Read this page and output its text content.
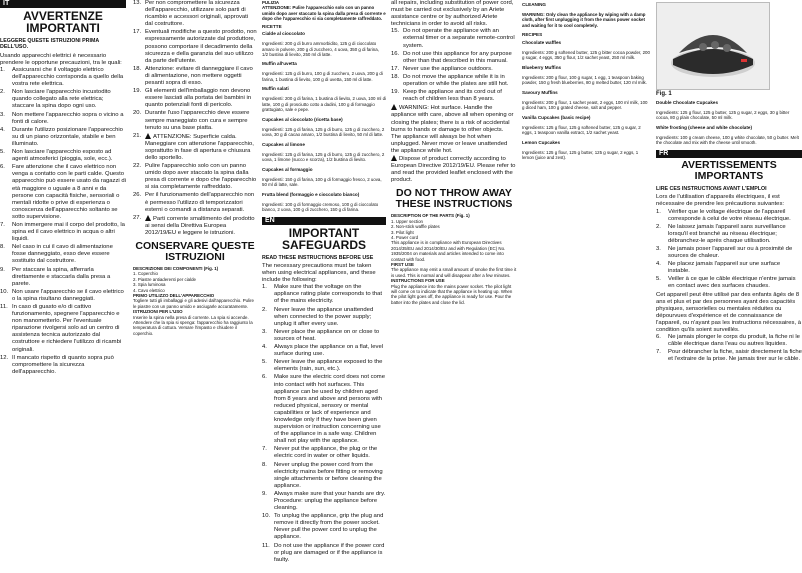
IT
AVVERTENZE IMPORTANTI

LEGGERE QUESTE ISTRUZIONI PRIMA DELL'USO.

Usando apparecchi elettrici è necessario prendere le opportune precauzioni, tra le quali:

1.	Assicurarsi che il voltaggio elettrico dell'apparecchio corrisponda a quello della vostra rete elettrica.
2.	Non lasciare l'apparecchio incustodito quando collegato alla rete elettrica; staccare la spina dopo ogni uso.
3.	Non mettere l'apparecchio sopra o vicino a fonti di calore.
4.	Durante l'utilizzo posizionare l'apparecchio su di un piano orizzontale, stabile e ben illuminato.
5.	Non lasciare l'apparecchio esposto ad agenti atmosferici (pioggia, sole, ecc.).
6.	Fare attenzione che il cavo elettrico non venga a contatto con le parti calde. Questo apparecchio può essere usato da ragazzi di età maggiore o uguale a 8 anni e da persone con capacità fisiche, sensoriali o mentali ridotte o prive di esperienza o conoscenza dell'apparecchio soltanto se sotto supervisione.
7.	Non immergere mai il corpo del prodotto, la spina ed il cavo elettrico in acqua o altri liquidi.
8.	Nel caso in cui il cavo di alimentazione fosse danneggiato, esso deve essere sostituito dal costruttore.
9.	Per staccare la spina, afferrarla direttamente e staccarla dalla presa a parete.
10. Non usare l'apparecchio se il cavo elettrico o la spina risultano danneggiati.
11. In caso di guasto e/o di cattivo funzionamento, spegnere l'apparecchio e non manometterlo. Per l'eventuale riparazione rivolgersi solo ad un centro di assistenza tecnica autorizzato dal costruttore e richiedere l'utilizzo di ricambi originali.
12. Il mancato rispetto di quanto sopra può compromettere la sicurezza dell'apparecchio.
13. Per non compromettere la sicurezza dell'apparecchio, utilizzare solo parti di ricambio e accessori originali, approvati dal costruttore.
17. Eventuali modifiche a questo prodotto, non espressamente autorizzate dal produttore, possono comportare il decadimento della sicurezza e della garanzia del suo utilizzo da parte dell'utente.
18. Attenzione: evitare di danneggiare il cavo di alimentazione, non mettere oggetti pesanti sopra di esso.
19. Gli elementi dell'imballaggio non devono essere lasciati alla portata dei bambini in quanto potenziali fonti di pericolo.
20. Durante l'uso l'apparecchio deve essere sempre maneggiato con cura e sempre tenuto su una base piatta.
21.	ATTENZIONE: Superficie calda. Maneggiare con attenzione l'apparecchio, soprattutto in fase di apertura e chiusura dello sportello.
22. Pulire l'apparecchio solo con un panno umido dopo aver staccato la spina dalla presa di corrente e dopo che l'apparecchio si sia completamente raffreddato.
26. Per il funzionamento dell'apparecchio non è permesso l'utilizzo di temporizzatori esterni o comandi a distanza separati.
27.	Parti corrente smaltimento del prodotto ai sensi della Direttiva Europea 2012/19/EU e leggere le istruzioni.
CONSERVARE QUESTE ISTRUZIONI

DESCRIZIONE DEI COMPONENTI (Fig. 1)

1. Coperchio

2. Piastre antiaderenti per cialde

3. Spia luminosa

4. Cavo elettrico

PRIMO UTILIZZO DELL'APPARECCHIO

Togliere tutti gli imballaggi e gli adesivi dall'apparecchio. Pulire le piastre con un panno umido e asciugarle accuratamente.

ISTRUZIONI PER L'USO

Inserire la spina nella presa di corrente. La spia si accende. Attendere che la spia si spenga: l'apparecchio ha raggiunto la temperatura di cottura. Versare l'impasto e chiudere il coperchio.

PULIZIA

ATTENZIONE: Pulire l'apparecchio solo con un panno umido dopo aver staccato la spina dalla presa di corrente e dopo che l'apparecchio si sia completamente raffreddato.

RICETTE

Cialde al cioccolato

Ingredienti: 200 g di burro ammorbidito, 125 g di cioccolato amaro in polvere, 200 g di zucchero, 4 uova, 350 g di farina, 1/2 bustina di lievito, 250 ml di latte.

Muffin all'uvetta

Ingredienti: 125 g di burro, 100 g di zucchero, 2 uova, 200 g di farina, 1 bustina di lievito, 100 g di uvetta, 150 ml di latte.

Muffin salati

Ingredienti: 200 g di farina, 1 bustina di lievito, 2 uova, 100 ml di latte, 100 g di prosciutto cotto a dadini, 100 g di formaggio grattugiato, sale e pepe.

Cupcakes al cioccolato (ricetta base)

Ingredienti: 125 g di farina, 125 g di burro, 125 g di zucchero, 2 uova, 30 g di cacao amaro, 1/2 bustina di lievito, 50 ml di latte.

Cupcakes al limone

Ingredienti: 125 g di farina, 125 g di burro, 125 g di zucchero, 2 uova, 1 limone (succo e scorza), 1/2 bustina di lievito.

Cupcakes al formaggio

Ingredienti: 150 g di farina, 100 g di formaggio fresco, 2 uova, 50 ml di latte, sale.

Frutta blend (formaggio e cioccolato bianco)

Ingredienti: 100 g di formaggio cremoso, 100 g di cioccolato bianco, 2 uova, 100 g di zucchero, 150 g di farina.

EN
IMPORTANT SAFEGUARDS

READ THESE INSTRUCTIONS BEFORE USE

The necessary precautions must be taken when using electrical appliances, and these include the following:

1.	Make sure that the voltage on the appliance rating plate corresponds to that of the mains electricity.
2.	Never leave the appliance unattended when connected to the power supply; unplug it after every use.
3.	Never place the appliance on or close to sources of heat.
4.	Always place the appliance on a flat, level surface during use.
5.	Never leave the appliance exposed to the elements (rain, sun, etc.).
6.	Make sure the electric cord does not come into contact with hot surfaces. This appliance can be used by children aged from 8 years and above and persons with reduced physical, sensory or mental capabilities or lack of experience and knowledge only if they have been given supervision or instruction concerning use of the appliance in a safe way. Children shall not play with the appliance.
7.	Never put the appliance, the plug or the electric cord in water or other liquids.
8.	Never unplug the power cord from the electricity mains before fitting or removing single attachments or before cleaning the appliance.
9.	Always make sure that your hands are dry. Procedure: unplug the appliance before cleaning.
10. To unplug the appliance, grip the plug and remove it directly from the power socket. Never pull the power cord to unplug the appliance.
11. Do not use the appliance if the power cord or plug are damaged or if the appliance is faulty.

all repairs, including substitution of power cord, must be carried out exclusively by an Ariete assistance centre or by authorized Ariete technicians in order to avoid all risks.

15. Do not operate the appliance with an external timer or a separate remote-control system.
16. Do not use this appliance for any purpose other than that described in this manual.
17. Never use the appliance outdoors.
18. Do not move the appliance while it is in operation or while the plates are still hot.
19. Keep the appliance and its cord out of reach of children less than 8 years.

WARNING: Hot surface. Handle the appliance with care, above all when opening or closing the plates; there is a risk of accidental burns to hands or damage to other objects.

The appliance will always be hot when unplugged. Never move or leave unattended the appliance while hot.

Dispose of product correctly according to European Directive 2012/19/EU. Please refer to and read the provided leaflet enclosed with the product.

DO NOT THROW AWAY THESE INSTRUCTIONS

DESCRIPTION OF THE PARTS (Fig. 1)

1. Upper section

2. Non-stick waffle plates

3. Pilot light

4. Power cord

This appliance is in compliance with European Directives 2014/35/EU and 2014/30/EU and with Regulation (EC) No. 1935/2004 on materials and articles intended to come into contact with food.

FIRST USE

The appliance may emit a small amount of smoke the first time it is used. This is normal and will disappear after a few minutes.

INSTRUCTIONS FOR USE

Plug the appliance into the mains power socket. The pilot light will come on to indicate that the appliance is heating up. When the pilot light goes off, the appliance is ready for use. Pour the batter into the plates and close the lid.

CLEANING

WARNING: Only clean the appliance by wiping with a damp cloth, after first unplugging it from the mains power socket and waiting for it to cool completely.

RECIPES

Chocolate waffles

Ingredients: 200 g softened butter, 125 g bitter cocoa powder, 200 g sugar, 4 eggs, 350 g flour, 1/2 sachet yeast, 250 ml milk.

Blueberry Muffins

Ingredients: 200 g flour, 100 g sugar, 1 egg, 1 teaspoon baking powder, 150 g fresh blueberries, 80 g melted butter, 120 ml milk.

Savoury Muffins

Ingredients: 200 g flour, 1 sachet yeast, 2 eggs, 100 ml milk, 100 g diced ham, 100 g grated cheese, salt and pepper.

Vanilla Cupcakes (basic recipe)

Ingredients: 125 g flour, 125 g softened butter, 125 g sugar, 2 eggs, 1 teaspoon vanilla extract, 1/2 sachet yeast.

Lemon Cupcakes

Ingredients: 125 g flour, 125 g butter, 125 g sugar, 2 eggs, 1 lemon (juice and zest).

Fig. 1

Double Chocolate Cupcakes

Ingredients: 125 g flour, 125 g butter, 125 g sugar, 2 eggs, 30 g bitter cocoa, 80 g plain chocolate, 50 ml milk.

White frosting (cheese and white chocolate)

Ingredients: 100 g cream cheese, 100 g white chocolate, 50 g butter. Melt the chocolate and mix with the cheese until smooth.

FR
AVERTISSEMENTS IMPORTANTS

LIRE CES INSTRUCTIONS AVANT L'EMPLOI

Lors de l'utilisation d'appareils électriques, il est nécessaire de prendre les précautions suivantes:

1.	Vérifier que le voltage électrique de l'appareil corresponde à celui de votre réseau électrique.
2.	Ne laissez jamais l'appareil sans surveillance lorsqu'il est branché au réseau électrique; débranchez-le après chaque utilisation.
3.	Ne jamais poser l'appareil sur ou à proximité de sources de chaleur.
4.	Ne placez jamais l'appareil sur une surface instable.
5.	Veiller à ce que le câble électrique n'entre jamais en contact avec des surfaces chaudes.

Cet appareil peut être utilisé par des enfants âgés de 8 ans et plus et par des personnes ayant des capacités physiques, sensorielles ou mentales réduites ou dépourvues d'expérience et de connaissance de l'appareil, ou n'ayant pas les instructions nécessaires, à condition qu'ils soient surveillés.

6.	Ne jamais plonger le corps du produit, la fiche ni le câble électrique dans l'eau ou autres liquides.
7.	Pour débrancher la fiche, saisir directement la fiche et l'extraire de la prise. Ne jamais tirer sur le câble.
